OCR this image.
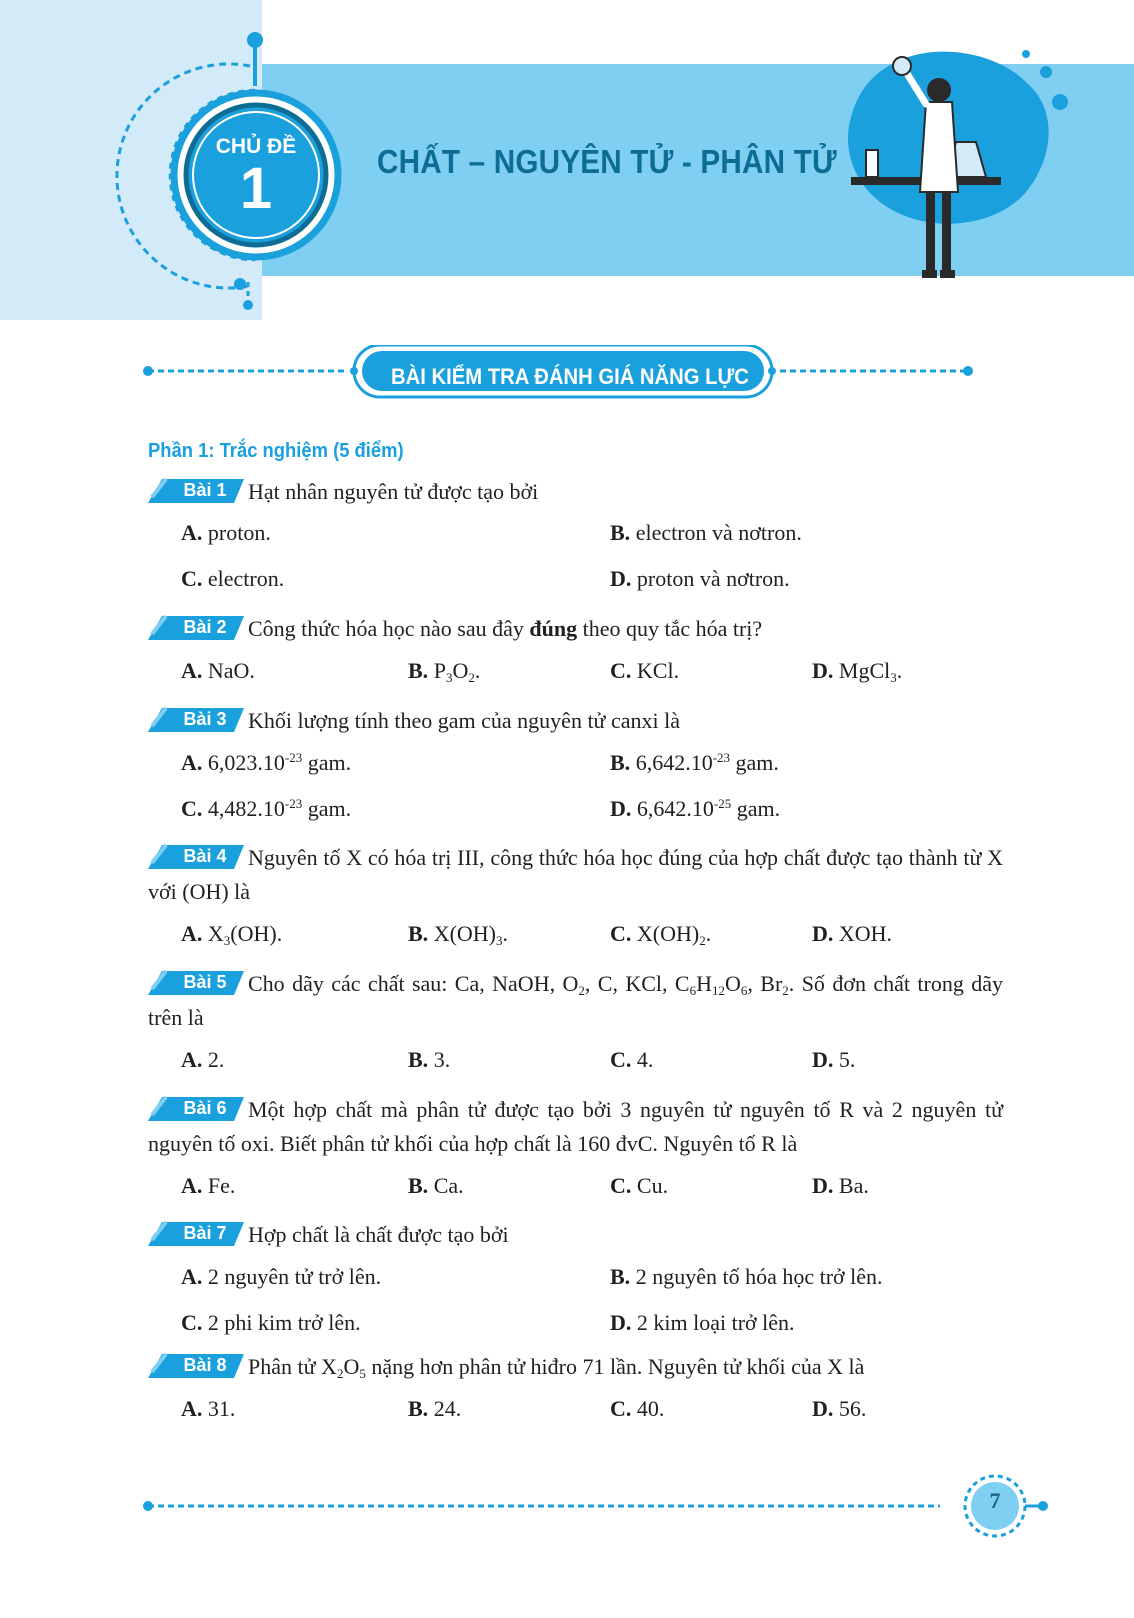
CHỦ ĐỀ
1	CHẤT – NGUYÊN TỬ - PHÂN TỬ
BÀI KIỂM TRA ĐÁNH GIÁ NĂNG LỰC
Phần 1: Trắc nghiệm (5 điểm)
Bài 1 Hạt nhân nguyên tử được tạo bởi
A. proton.	B. electron và nơtron.
C. electron.	D. proton và nơtron.
Bài 2 Công thức hóa học nào sau đây đúng theo quy tắc hóa trị?
A. NaO.	B. $P_3O_2$.	C. KCl.	D. MgCl$_3$.
Bài 3 Khối lượng tính theo gam của nguyên tử canxi là
A. $6,023.10^{-23}$ gam.	B. $6,642.10^{-23}$ gam.
C. $4,482.10^{-23}$ gam.	D. $6,642.10^{-25}$ gam.
Bài 4 Nguyên tố X có hóa trị III, công thức hóa học đúng của hợp chất được tạo thành từ X với (OH) là
A. $X_3(OH)$.	B. $X(OH)_3$.	C. $X(OH)_2$.	D. XOH.
Bài 5 Cho dãy các chất sau: Ca, NaOH, $O_2$, C, KCl, $C_6H_{12}O_6$, $Br_2$. Số đơn chất trong dãy trên là
A. 2.	B. 3.	C. 4.	D. 5.
Bài 6 Một hợp chất mà phân tử được tạo bởi 3 nguyên tử nguyên tố R và 2 nguyên tử nguyên tố oxi. Biết phân tử khối của hợp chất là 160 đvC. Nguyên tố R là
A. Fe.	B. Ca.	C. Cu.	D. Ba.
Bài 7 Hợp chất là chất được tạo bởi
A. 2 nguyên tử trở lên.	B. 2 nguyên tố hóa học trở lên.
C. 2 phi kim trở lên.	D. 2 kim loại trở lên.
Bài 8 Phân tử $X_2O_5$ nặng hơn phân tử hiđro 71 lần. Nguyên tử khối của X là
A. 31.	B. 24.	C. 40.	D. 56.
7
